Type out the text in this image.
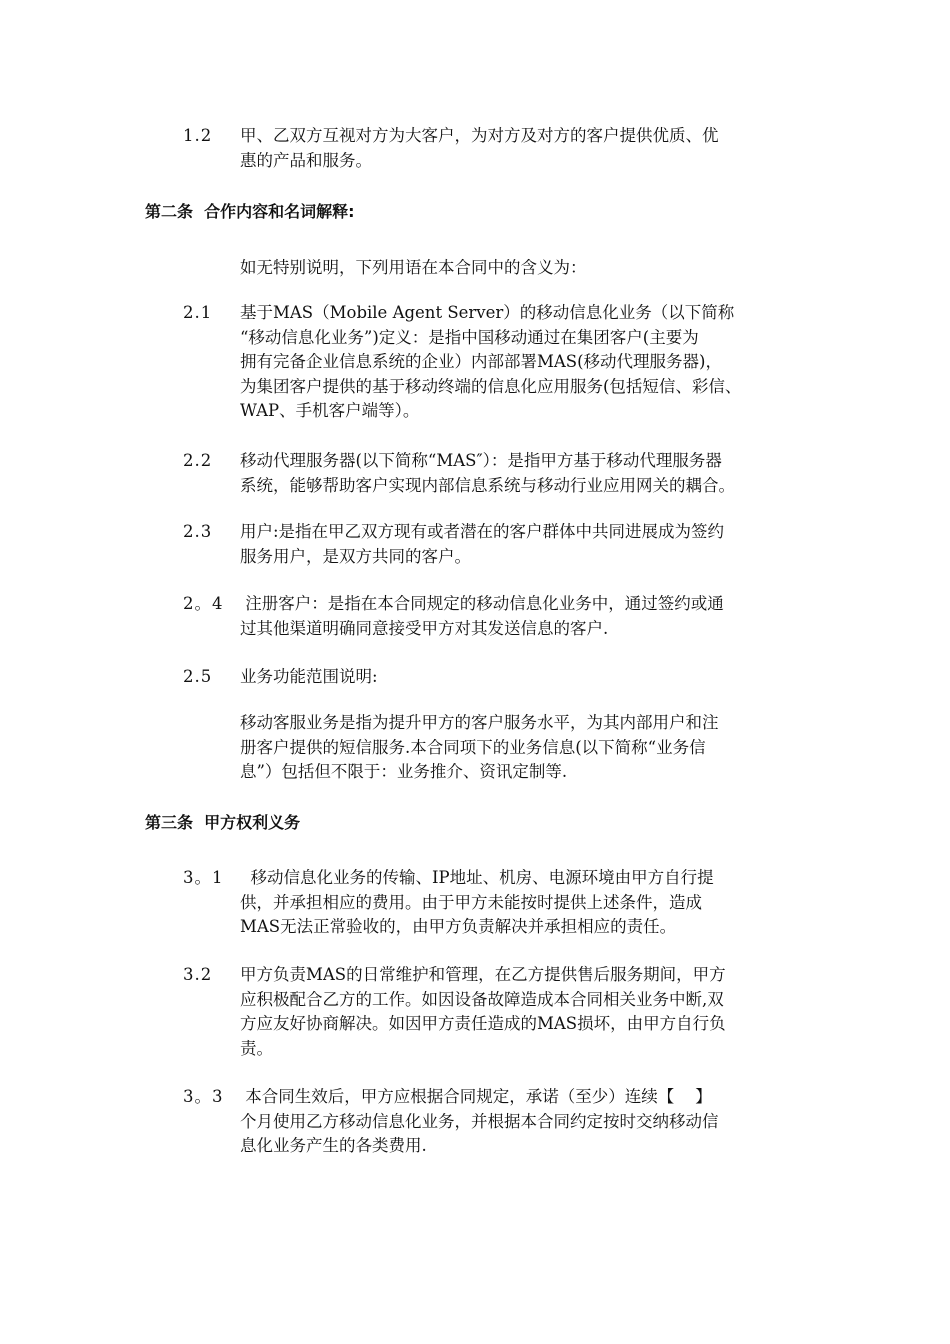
1.2 甲、乙双方互视对方为大客户，为对方及对方的客户提供优质、优
惠的产品和服务。
第二条  合作内容和名词解释:
如无特别说明，下列用语在本合同中的含义为：
2.1 基于MAS（Mobile Agent Server）的移动信息化业务（以下简称
“移动信息化业务”)定义：是指中国移动通过在集团客户(主要为
拥有完备企业信息系统的企业）内部部署MAS(移动代理服务器)，
为集团客户提供的基于移动终端的信息化应用服务(包括短信、彩信、
WAP、手机客户端等）。
2.2 移动代理服务器(以下简称“MAS″）：是指甲方基于移动代理服务器
系统，能够帮助客户实现内部信息系统与移动行业应用网关的耦合。
2.3 用户:是指在甲乙双方现有或者潜在的客户群体中共同进展成为签约
服务用户，是双方共同的客户。
2。4 注册客户：是指在本合同规定的移动信息化业务中，通过签约或通
过其他渠道明确同意接受甲方对其发送信息的客户.
2.5 业务功能范围说明:
移动客服业务是指为提升甲方的客户服务水平，为其内部用户和注
册客户提供的短信服务.本合同项下的业务信息(以下简称“业务信
息”）包括但不限于：业务推介、资讯定制等.
第三条  甲方权利义务
3。1 移动信息化业务的传输、IP地址、机房、电源环境由甲方自行提
供，并承担相应的费用。由于甲方未能按时提供上述条件，造成
MAS无法正常验收的，由甲方负责解决并承担相应的责任。
3.2 甲方负责MAS的日常维护和管理，在乙方提供售后服务期间，甲方
应积极配合乙方的工作。如因设备故障造成本合同相关业务中断,双
方应友好协商解决。如因甲方责任造成的MAS损坏，由甲方自行负
责。
3。3 本合同生效后，甲方应根据合同规定，承诺（至少）连续【    】
个月使用乙方移动信息化业务，并根据本合同约定按时交纳移动信
息化业务产生的各类费用.
